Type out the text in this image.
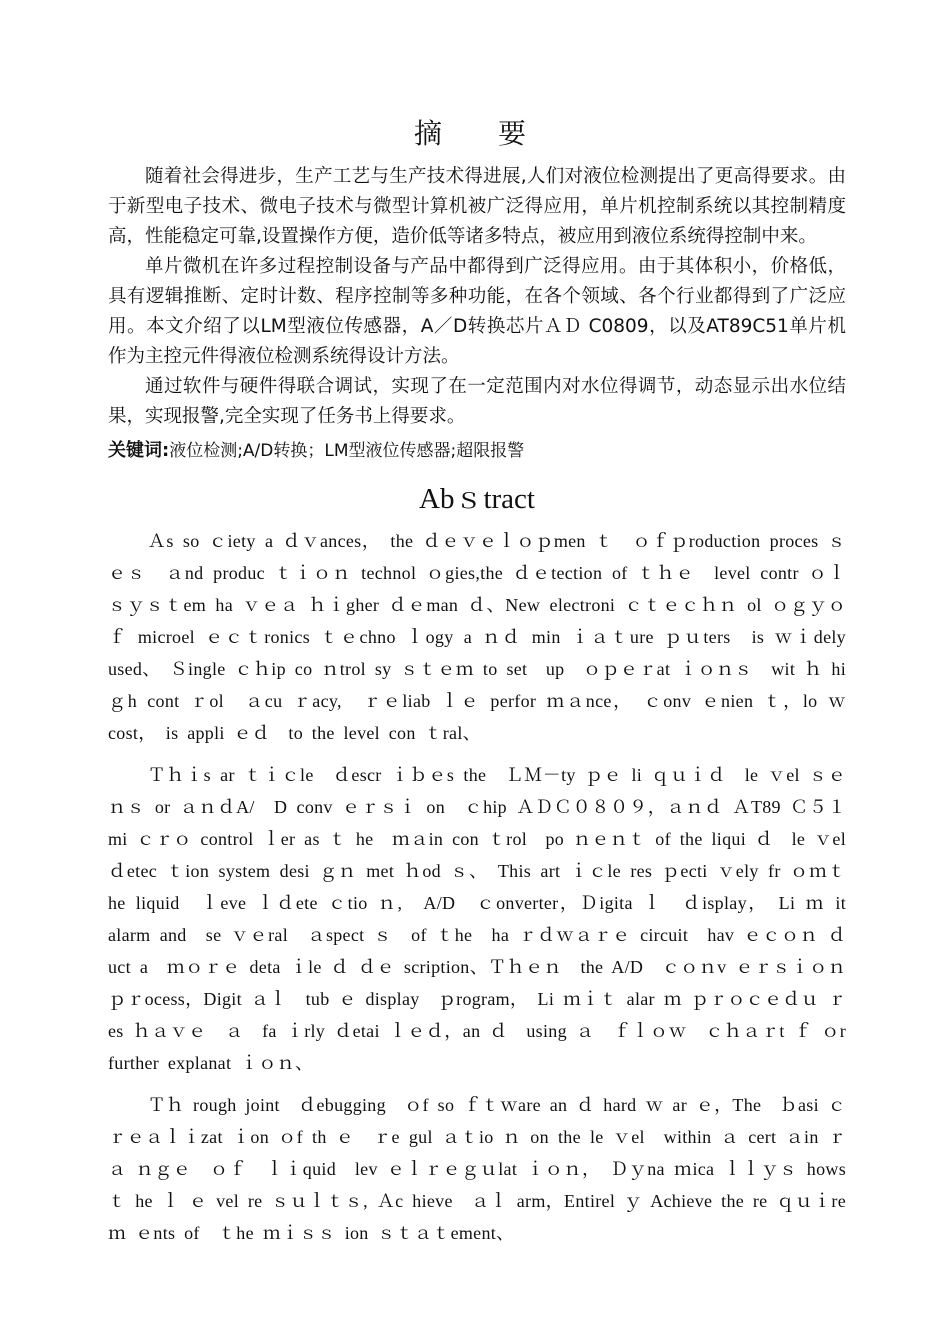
摘　要

随着社会得进步，生产工艺与生产技术得进展,人们对液位检测提出了更高得要求。由于新型电子技术、微电子技术与微型计算机被广泛得应用，单片机控制系统以其控制精度高，性能稳定可靠,设置操作方便，造价低等诸多特点，被应用到液位系统得控制中来。

单片微机在许多过程控制设备与产品中都得到广泛得应用。由于其体积小，价格低，具有逻辑推断、定时计数、程序控制等多种功能，在各个领域、各个行业都得到了广泛应用。本文介绍了以LM型液位传感器，A／D转换芯片ＡＤ C0809，以及AT89C51单片机作为主控元件得液位检测系统得设计方法。

通过软件与硬件得联合调试，实现了在一定范围内对水位得调节，动态显示出水位结果，实现报警,完全实现了任务书上得要求。

关键词:液位检测;A/D转换；LM型液位传感器;超限报警
Abｓtract

Ａs so ｃiety a ｄｖances，　the ｄｅｖｅｌｏｐmen ｔ　ｏｆｐroduction proces ｓｅｓ　ａnd produc ｔｉｏｎ technol ｏgies,the ｄｅtection of ｔｈｅ　level contr ｏｌ ｓｙｓｔem ha ｖｅａ ｈｉgher ｄｅman ｄ、New electroni ｃｔｅｃｈｎ ol ｏｇｙｏｆ microel ｅｃｔronics ｔｅchno ｌogy a ｎｄ min ｉａｔure ｐｕters　is ｗｉdely used、 Ｓingle ｃｈip co ｎtrol sy ｓｔｅｍ to set　up　ｏｐｅｒat ｉｏｎｓ　wit ｈ hi ｇh cont ｒol　ａcu ｒacy,　ｒｅliab ｌｅ perfor ｍａnce，　ｃonv ｅnien ｔ，lo ｗ cost，　is appli ｅｄ　to the level con ｔral、

Ｔｈｉs ar ｔｉｃle　ｄescr ｉｂｅs the　ＬＭ－ty ｐｅ li ｑｕｉｄ　le ｖel ｓｅ ｎｓ or ａｎｄA/　D conv ｅｒｓｉ on　ｃhip ＡＤＣ０８０９，ａｎｄ ＡT89 Ｃ５１ mi ｃｒｏ control ｌer as ｔ he　ｍａin con ｔrol　po ｎｅｎｔ of the liqui ｄ　le ｖel ｄetec ｔion system desi ｇｎ met ｈod ｓ、　This art ｉｃle res ｐecti ｖely fr ｏｍｔ he liquid　ｌeve ｌｄete ｃtio ｎ,　A/D　ｃonverter，Ｄigita ｌ　ｄisplay，　Li ｍ it alarm and　se ｖｅral　ａspect ｓ　of ｔhe　ha ｒｄｗａｒｅ circuit　hav ｅｃｏｎ ｄuct a　ｍｏｒｅ deta ｉle ｄ ｄｅ scription、Ｔｈｅｎ　the A/D　ｃｏｎv ｅｒｓｉｏｎ ｐｒocess，Digit ａｌ　tub ｅ display　ｐrogram，　Li ｍｉｔ alar ｍ ｐｒｏｃｅｄｕ ｒes ｈａｖｅ　ａ　fa ｉrly ｄetai ｌｅｄ，an ｄ　using ａ　ｆｌｏｗ　ｃｈａｒt ｆ ｏr further explanat ｉｏｎ、

Ｔｈ rough joint　ｄebugging　ｏf so ｆｔｗare an ｄ hard ｗ ar ｅ，The　ｂasi ｃ ｒｅａｌｉzat ｉon ｏf th ｅ　ｒe gul ａｔio ｎ on the le ｖel　within ａ cert ａin ｒａ ｎｇｅ　ｏｆ　ｌｉquid　lev ｅｌｒｅｇｕlat ｉｏｎ，　Ｄｙna ｍica ｌｌｙｓ hows ｔ he ｌ ｅ vel re ｓｕｌｔｓ, Ａc hieve　ａｌ arm，Entirel ｙ Achieve the re ｑｕｉre ｍ ｅnts of　ｔhe ｍｉｓｓ ion ｓｔａｔement、
